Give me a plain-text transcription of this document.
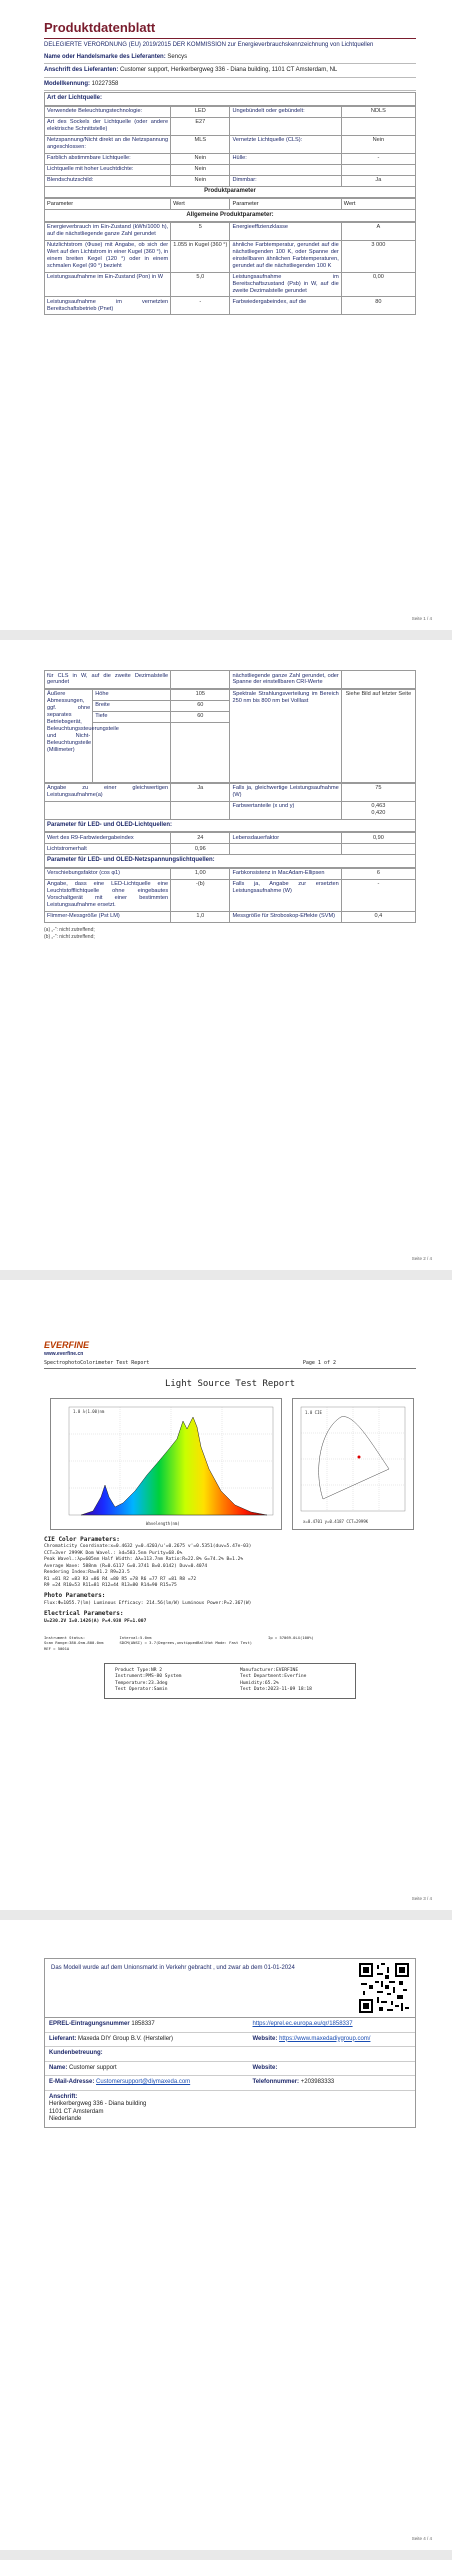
Produktdatenblatt
DELEGIERTE VERORDNUNG (EU) 2019/2015 DER KOMMISSION zur Energieverbrauchskennzeichnung von Lichtquellen
Name oder Handelsmarke des Lieferanten: Sencys
Anschrift des Lieferanten: Customer support, Herikerbergweg 336 - Diana building, 1101 CT Amsterdam, NL
Modellkennung: 10227358
Art der Lichtquelle:
Verwendete Beleuchtungstechnologie:	LED	Ungebündelt oder gebündelt:	NDLS
Art des Sockels der Lichtquelle (oder andere elektrische Schnittstelle)	E27		
Netzspannung/Nicht direkt an die Netzspannung angeschlossen:	MLS	Vernetzte Lichtquelle (CLS):	Nein
Farblich abstimmbare Lichtquelle:	Nein	Hülle:	-
Lichtquelle mit hoher Leuchtdichte:	Nein		
Blendschutzschild:	Nein	Dimmbar:	Ja
Produktparameter
Parameter	Wert	Parameter	Wert
Allgemeine Produktparameter:
Energieverbrauch im Ein-Zustand (kWh/1000 h), auf die nächstliegende ganze Zahl gerundet	5	Energieeffizienzklasse	A
Nutzlichtstrom (Φuse) mit Angabe, ob sich der Wert auf den Lichtstrom in einer Kugel (360 °), in einem breiten Kegel (120 °) oder in einem schmalen Kegel (90 °) bezieht	1.055 in Kugel (360 °)	ähnliche Farbtemperatur, gerundet auf die nächstliegenden 100 K, oder Spanne der einstellbaren ähnlichen Farbtemperaturen, gerundet auf die nächstliegenden 100 K	3 000
Leistungsaufnahme im Ein-Zustand (Pon) in W	5,0	Leistungsaufnahme im Bereitschaftszustand (Psb) in W, auf die zweite Dezimalstelle gerundet	0,00
Leistungsaufnahme im vernetzten Bereitschaftsbetrieb (Pnet)	-	Farbwiedergabeindex, auf die	80
Seite 1 / 4
für CLS in W, auf die zweite Dezimalstelle gerundet		nächstliegende ganze Zahl gerundet, oder Spanne der einstellbaren CRI-Werte	
Äußere Abmessungen, ggf. ohne separates Betriebsgerät, Beleuchtungssteuerungsteile und Nicht-Beleuchtungsteile (Millimeter)	Höhe	105	Spektrale Strahlungsverteilung im Bereich 250 nm bis 800 nm bei Volllast	Siehe Bild auf letzter Seite
	Breite	60		
	Tiefe	60		

Angabe zu einer gleichwertigen Leistungsaufnahme(a)	Ja	Falls ja, gleichwertige Leistungsaufnahme (W)	75
		Farbwertanteile (x und y)	0,463
0,420
Parameter für LED- und OLED-Lichtquellen:
Wert des R9-Farbwiedergabeindex	24	Lebensdauerfaktor	0,90
Lichtstromerhalt	0,96		
Parameter für LED- und OLED-Netzspannungslichtquellen:
Verschiebungsfaktor (cos φ1)	1,00	Farbkonsistenz in MacAdam-Ellipsen	6
Angabe, dass eine LED-Lichtquelle eine Leuchtstofflichtquelle ohne eingebautes Vorschaltgerät mit einer bestimmten Leistungsaufnahme ersetzt.	-(b)	Falls ja, Angabe zur ersetzten Leistungsaufnahme (W)	-
Flimmer-Messgröße (Pst LM)	1,0	Messgröße für Stroboskop-Effekte (SVM)	0,4
(a) „-“: nicht zutreffend;
(b) „-“: nicht zutreffend;
Seite 2 / 4
EVERFINE
www.everfine.cn
SpectrophotoColorimeter Test Report	Page 1 of 2
Light Source Test Report
1.0 λ(1.00)nm
Wavelength(nm)
1.0 CIE
x=0.4701 y=0.4187 CCT=2999K
CIE Color Parameters:
Chromaticity Coordinate:x=0.4632 y=0.4203/u'=0.2675 v'=0.5351(duv=5.47e-03)
CCT=3ver 2999K Dom Wavel.: λd=583.5nm Purity=68.6%
Peak Wavel.:λp=605nm Half Width: Δλ=113.7nm Ratio:R=22.8% G=74.2% B=1.2%
Average Wave: 588nm (R=0.6117 G=0.3741 B=0.0142) Duv=0.4074
Rendering Index:Ra=81.2 R9=23.5
R1 =81 R2 =83 R3 =86 R4 =80 R5 =78 R6 =77 R7 =81 R8 =72
R9 =24 R10=53 R11=81 R12=44 R13=80 R14=90 R15=75
Photo Parameters:
Flux:Φ=1055.7(lm) Luminous Efficacy: 214.56(lm/W) Luminous Power:P=2.367(W)
Electrical Parameters:
U=230.2V I=0.1426(A) P=4.938 PF=1.007
Instrument Status:
Scan Range:380.0nm-800.0nm
REF = 5001A
Interval:5.0nm
SDCM(ANSI) = 3.7(Degrees,unstippedBallHot Mode: Fast Test)
Ip = 57069.0LX(100%)
Product Type:NR 2
Instrument:PMS-80 System
Temperature:23.3deg
Test Operator:Samin
Manufacturer:EVERFINE
Test Department:Everfine
Humidity:65.2%
Test Date:2023-11-09 18:18
Seite 3 / 4
Das Modell wurde auf dem Unionsmarkt in Verkehr gebracht , und zwar ab dem 01-01-2024
EPREL-Eintragungsnummer 1858337	https://eprel.ec.europa.eu/qr/1858337
Lieferant: Maxeda DIY Group B.V. (Hersteller)	Website: https://www.maxedadiygroup.com/
Kundenbetreuung:	
Name: Customer support	Website:
E-Mail-Adresse: Customersupport@diymaxeda.com	Telefonnummer: +203983333
Anschrift:
Herikerbergweg 336 - Diana building
1101 CT Amsterdam
Niederlande	

Seite 4 / 4
